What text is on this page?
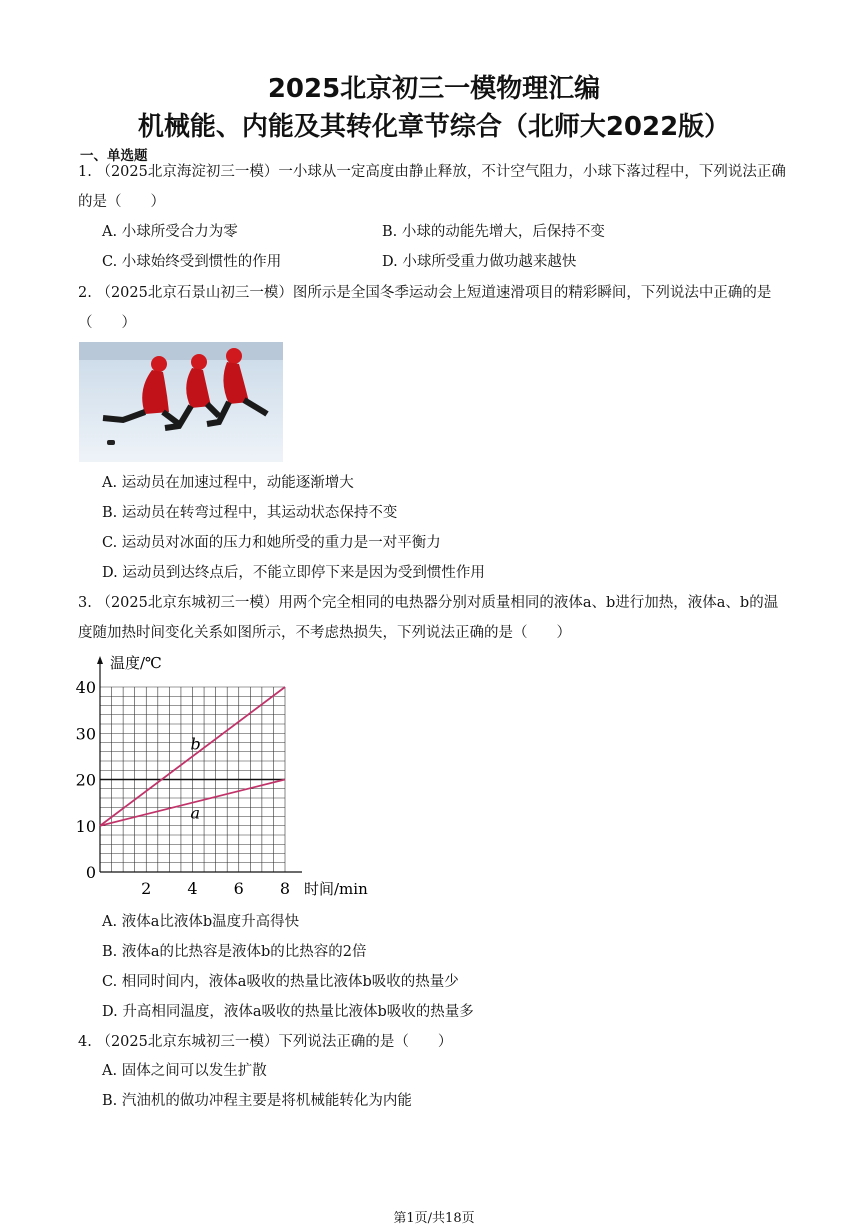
2025北京初三一模物理汇编
机械能、内能及其转化章节综合（北师大2022版）
一、单选题
1. （2025北京海淀初三一模）一小球从一定高度由静止释放，不计空气阻力，小球下落过程中，下列说法正确的是（　　）
A. 小球所受合力为零	B. 小球的动能先增大，后保持不变
C. 小球始终受到惯性的作用	D. 小球所受重力做功越来越快
2. （2025北京石景山初三一模）图所示是全国冬季运动会上短道速滑项目的精彩瞬间，下列说法中正确的是（　　）
A. 运动员在加速过程中，动能逐渐增大
B. 运动员在转弯过程中，其运动状态保持不变
C. 运动员对冰面的压力和她所受的重力是一对平衡力
D. 运动员到达终点后，不能立即停下来是因为受到惯性作用
3. （2025北京东城初三一模）用两个完全相同的电热器分别对质量相同的液体a、b进行加热，液体a、b的温度随加热时间变化关系如图所示，不考虑热损失，下列说法正确的是（　　）
0
10
20
30
40
2 4 6 8
b
a
温度/℃
时间/min
A. 液体a比液体b温度升高得快
B. 液体a的比热容是液体b的比热容的2倍
C. 相同时间内，液体a吸收的热量比液体b吸收的热量少
D. 升高相同温度，液体a吸收的热量比液体b吸收的热量多
4. （2025北京东城初三一模）下列说法正确的是（　　）
A. 固体之间可以发生扩散
B. 汽油机的做功冲程主要是将机械能转化为内能
第1页/共18页
